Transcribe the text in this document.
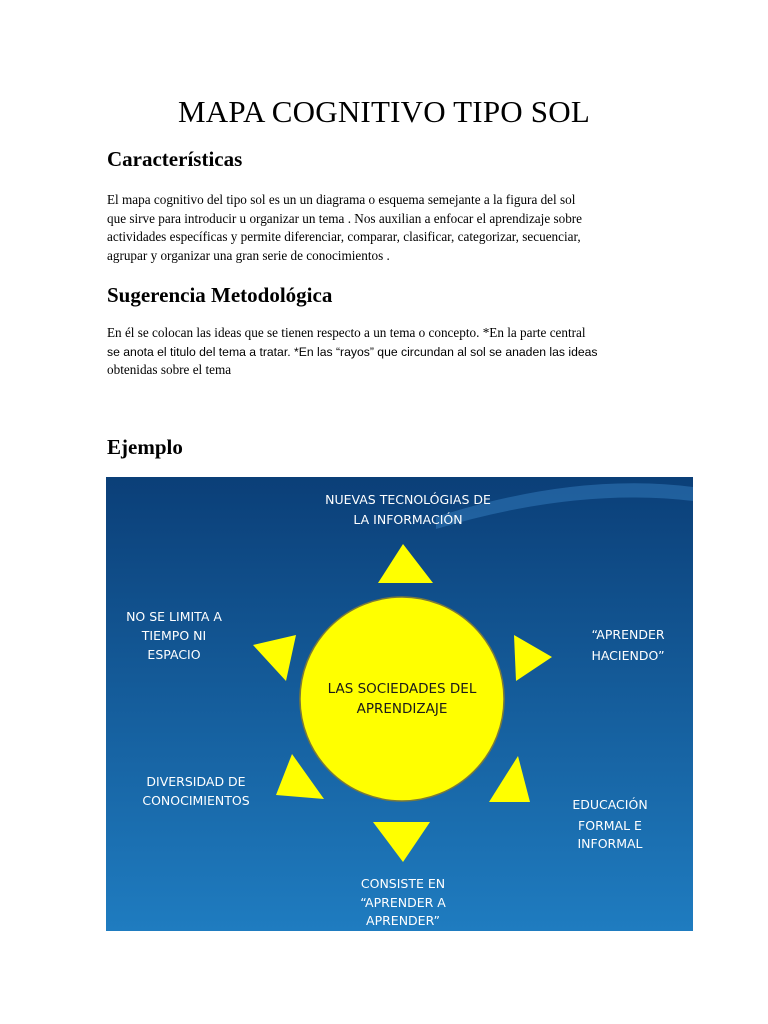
MAPA COGNITIVO TIPO SOL
Características
El mapa cognitivo del tipo sol es un un diagrama o esquema semejante a la figura del sol
que sirve para introducir u organizar un tema . Nos auxilian a enfocar el aprendizaje sobre
actividades específicas y permite diferenciar, comparar, clasificar, categorizar, secuenciar,
agrupar y organizar una gran serie de conocimientos .
Sugerencia Metodológica
En él se colocan las ideas que se tienen respecto a un tema o concepto. *En la parte central
se anota el titulo del tema a tratar. *En las “rayos” que circundan al sol se anaden las ideas
obtenidas sobre el tema
Ejemplo
LAS SOCIEDADES DEL
APRENDIZAJE
NUEVAS TECNOLÓGIAS DE
LA INFORMACIÓN
“APRENDER
HACIENDO”
EDUCACIÓN
FORMAL E
INFORMAL
CONSISTE EN
“APRENDER A
APRENDER”
DIVERSIDAD DE
CONOCIMIENTOS
NO SE LIMITA A
TIEMPO NI
ESPACIO
